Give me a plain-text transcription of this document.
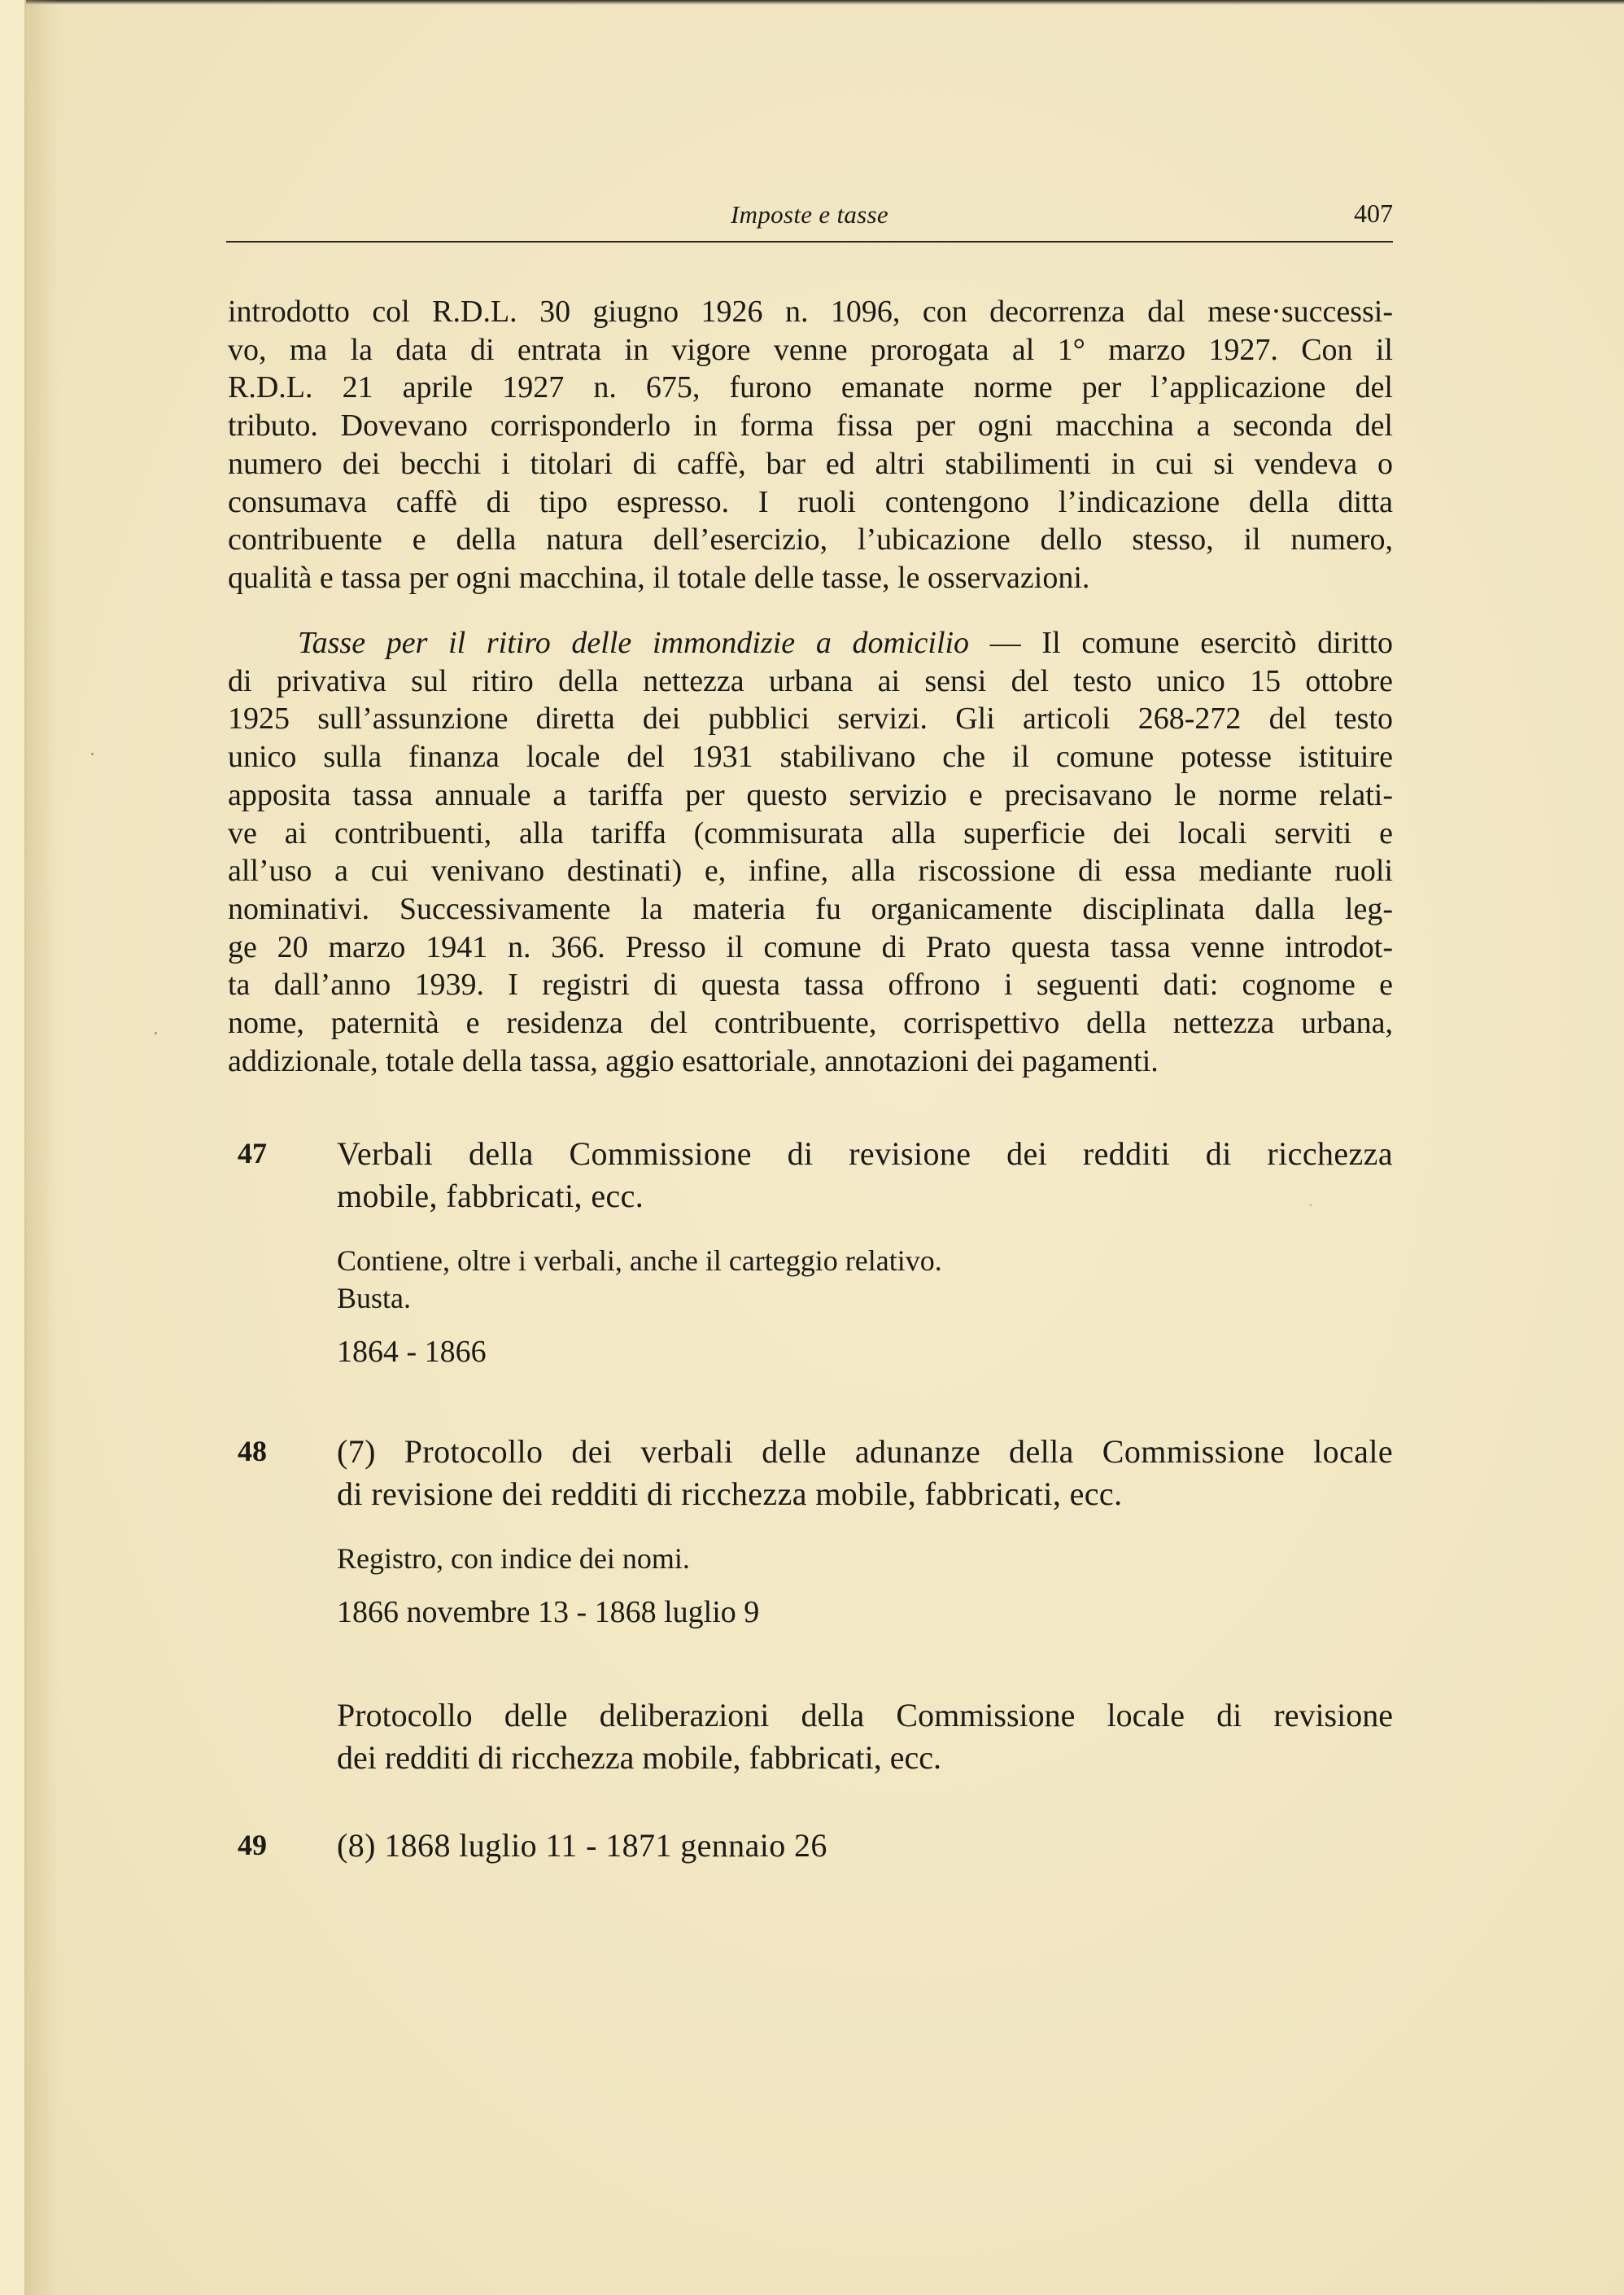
Imposte e tasse	407
introdotto col R.D.L. 30 giugno 1926 n. 1096, con decorrenza dal mese·successi-
vo, ma la data di entrata in vigore venne prorogata al 1° marzo 1927. Con il
R.D.L. 21 aprile 1927 n. 675, furono emanate norme per l’applicazione del
tributo. Dovevano corrisponderlo in forma fissa per ogni macchina a seconda del
numero dei becchi i titolari di caffè, bar ed altri stabilimenti in cui si vendeva o
consumava caffè di tipo espresso. I ruoli contengono l’indicazione della ditta
contribuente e della natura dell’esercizio, l’ubicazione dello stesso, il numero,
qualità e tassa per ogni macchina, il totale delle tasse, le osservazioni.
Tasse per il ritiro delle immondizie a domicilio — Il comune esercitò diritto
di privativa sul ritiro della nettezza urbana ai sensi del testo unico 15 ottobre
1925 sull’assunzione diretta dei pubblici servizi. Gli articoli 268-272 del testo
unico sulla finanza locale del 1931 stabilivano che il comune potesse istituire
apposita tassa annuale a tariffa per questo servizio e precisavano le norme relati-
ve ai contribuenti, alla tariffa (commisurata alla superficie dei locali serviti e
all’uso a cui venivano destinati) e, infine, alla riscossione di essa mediante ruoli
nominativi. Successivamente la materia fu organicamente disciplinata dalla leg-
ge 20 marzo 1941 n. 366. Presso il comune di Prato questa tassa venne introdot-
ta dall’anno 1939. I registri di questa tassa offrono i seguenti dati: cognome e
nome, paternità e residenza del contribuente, corrispettivo della nettezza urbana,
addizionale, totale della tassa, aggio esattoriale, annotazioni dei pagamenti.
47 Verbali della Commissione di revisione dei redditi di ricchezza
mobile, fabbricati, ecc.
Contiene, oltre i verbali, anche il carteggio relativo.
Busta.
1864 - 1866
48 (7) Protocollo dei verbali delle adunanze della Commissione locale
di revisione dei redditi di ricchezza mobile, fabbricati, ecc.
Registro, con indice dei nomi.
1866 novembre 13 - 1868 luglio 9
Protocollo delle deliberazioni della Commissione locale di revisione
dei redditi di ricchezza mobile, fabbricati, ecc.
49 (8) 1868 luglio 11 - 1871 gennaio 26
